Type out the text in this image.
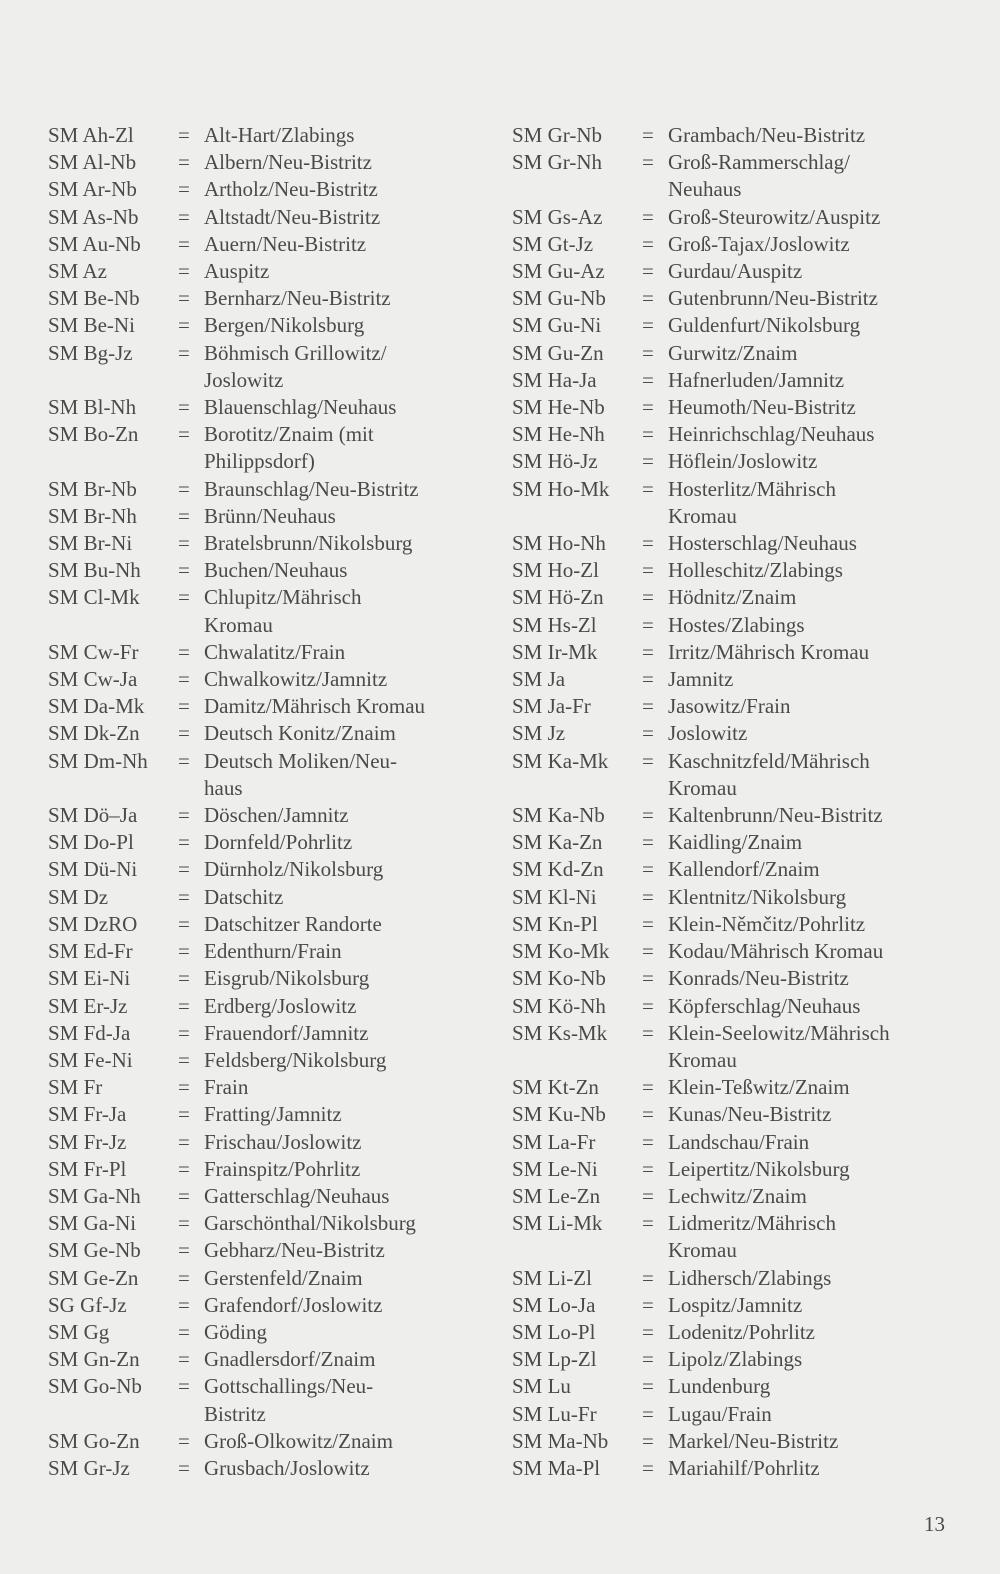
SM Ah-Zl	= Alt-Hart/Zlabings
SM Al-Nb	= Albern/Neu-Bistritz
SM Ar-Nb	= Artholz/Neu-Bistritz
SM As-Nb	= Altstadt/Neu-Bistritz
SM Au-Nb	= Auern/Neu-Bistritz
SM Az	= Auspitz
SM Be-Nb	= Bernharz/Neu-Bistritz
SM Be-Ni	= Bergen/Nikolsburg
SM Bg-Jz	= Böhmisch Grillowitz/
Joslowitz
SM Bl-Nh	= Blauenschlag/Neuhaus
SM Bo-Zn	= Borotitz/Znaim (mit
Philippsdorf)
SM Br-Nb	= Braunschlag/Neu-Bistritz
SM Br-Nh	= Brünn/Neuhaus
SM Br-Ni	= Bratelsbrunn/Nikolsburg
SM Bu-Nh	= Buchen/Neuhaus
SM Cl-Mk	= Chlupitz/Mährisch
Kromau
SM Cw-Fr	= Chwalatitz/Frain
SM Cw-Ja	= Chwalkowitz/Jamnitz
SM Da-Mk	= Damitz/Mährisch Kromau
SM Dk-Zn	= Deutsch Konitz/Znaim
SM Dm-Nh	= Deutsch Moliken/Neu-
haus
SM Dö–Ja	= Döschen/Jamnitz
SM Do-Pl	= Dornfeld/Pohrlitz
SM Dü-Ni	= Dürnholz/Nikolsburg
SM Dz	= Datschitz
SM DzRO	= Datschitzer Randorte
SM Ed-Fr	= Edenthurn/Frain
SM Ei-Ni	= Eisgrub/Nikolsburg
SM Er-Jz	= Erdberg/Joslowitz
SM Fd-Ja	= Frauendorf/Jamnitz
SM Fe-Ni	= Feldsberg/Nikolsburg
SM Fr	= Frain
SM Fr-Ja	= Fratting/Jamnitz
SM Fr-Jz	= Frischau/Joslowitz
SM Fr-Pl	= Frainspitz/Pohrlitz
SM Ga-Nh	= Gatterschlag/Neuhaus
SM Ga-Ni	= Garschönthal/Nikolsburg
SM Ge-Nb	= Gebharz/Neu-Bistritz
SM Ge-Zn	= Gerstenfeld/Znaim
SG Gf-Jz	= Grafendorf/Joslowitz
SM Gg	= Göding
SM Gn-Zn	= Gnadlersdorf/Znaim
SM Go-Nb	= Gottschallings/Neu-
Bistritz
SM Go-Zn	= Groß-Olkowitz/Znaim
SM Gr-Jz	= Grusbach/Joslowitz
SM Gr-Nb	= Grambach/Neu-Bistritz
SM Gr-Nh	= Groß-Rammerschlag/
Neuhaus
SM Gs-Az	= Groß-Steurowitz/Auspitz
SM Gt-Jz	= Groß-Tajax/Joslowitz
SM Gu-Az	= Gurdau/Auspitz
SM Gu-Nb	= Gutenbrunn/Neu-Bistritz
SM Gu-Ni	= Guldenfurt/Nikolsburg
SM Gu-Zn	= Gurwitz/Znaim
SM Ha-Ja	= Hafnerluden/Jamnitz
SM He-Nb	= Heumoth/Neu-Bistritz
SM He-Nh	= Heinrichschlag/Neuhaus
SM Hö-Jz	= Höflein/Joslowitz
SM Ho-Mk	= Hosterlitz/Mährisch
Kromau
SM Ho-Nh	= Hosterschlag/Neuhaus
SM Ho-Zl	= Holleschitz/Zlabings
SM Hö-Zn	= Hödnitz/Znaim
SM Hs-Zl	= Hostes/Zlabings
SM Ir-Mk	= Irritz/Mährisch Kromau
SM Ja	= Jamnitz
SM Ja-Fr	= Jasowitz/Frain
SM Jz	= Joslowitz
SM Ka-Mk	= Kaschnitzfeld/Mährisch
Kromau
SM Ka-Nb	= Kaltenbrunn/Neu-Bistritz
SM Ka-Zn	= Kaidling/Znaim
SM Kd-Zn	= Kallendorf/Znaim
SM Kl-Ni	= Klentnitz/Nikolsburg
SM Kn-Pl	= Klein-Němčitz/Pohrlitz
SM Ko-Mk	= Kodau/Mährisch Kromau
SM Ko-Nb	= Konrads/Neu-Bistritz
SM Kö-Nh	= Köpferschlag/Neuhaus
SM Ks-Mk	= Klein-Seelowitz/Mährisch
Kromau
SM Kt-Zn	= Klein-Teßwitz/Znaim
SM Ku-Nb	= Kunas/Neu-Bistritz
SM La-Fr	= Landschau/Frain
SM Le-Ni	= Leipertitz/Nikolsburg
SM Le-Zn	= Lechwitz/Znaim
SM Li-Mk	= Lidmeritz/Mährisch
Kromau
SM Li-Zl	= Lidhersch/Zlabings
SM Lo-Ja	= Lospitz/Jamnitz
SM Lo-Pl	= Lodenitz/Pohrlitz
SM Lp-Zl	= Lipolz/Zlabings
SM Lu	= Lundenburg
SM Lu-Fr	= Lugau/Frain
SM Ma-Nb	= Markel/Neu-Bistritz
SM Ma-Pl	= Mariahilf/Pohrlitz
13
